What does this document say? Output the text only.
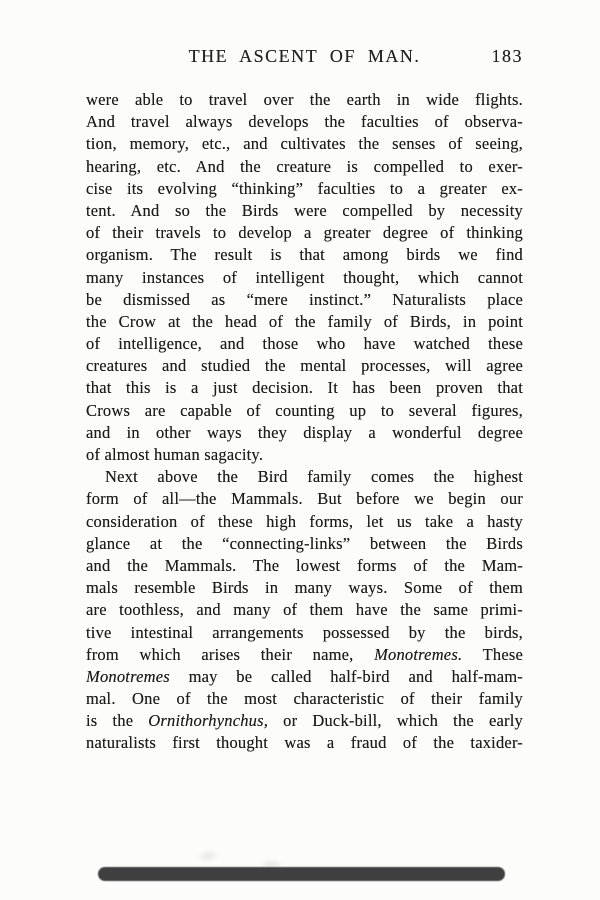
THE ASCENT OF MAN.	183
were able to travel over the earth in wide flights.
And travel always develops the faculties of observa-
tion, memory, etc., and cultivates the senses of seeing,
hearing, etc. And the creature is compelled to exer-
cise its evolving “thinking” faculties to a greater ex-
tent. And so the Birds were compelled by necessity
of their travels to develop a greater degree of thinking
organism. The result is that among birds we find
many instances of intelligent thought, which cannot
be dismissed as “mere instinct.” Naturalists place
the Crow at the head of the family of Birds, in point
of intelligence, and those who have watched these
creatures and studied the mental processes, will agree
that this is a just decision. It has been proven that
Crows are capable of counting up to several figures,
and in other ways they display a wonderful degree
of almost human sagacity.
Next above the Bird family comes the highest
form of all—the Mammals. But before we begin our
consideration of these high forms, let us take a hasty
glance at the “connecting-links” between the Birds
and the Mammals. The lowest forms of the Mam-
mals resemble Birds in many ways. Some of them
are toothless, and many of them have the same primi-
tive intestinal arrangements possessed by the birds,
from which arises their name, Monotremes. These
Monotremes may be called half-bird and half-mam-
mal. One of the most characteristic of their family
is the Ornithorhynchus, or Duck-bill, which the early
naturalists first thought was a fraud of the taxider-
